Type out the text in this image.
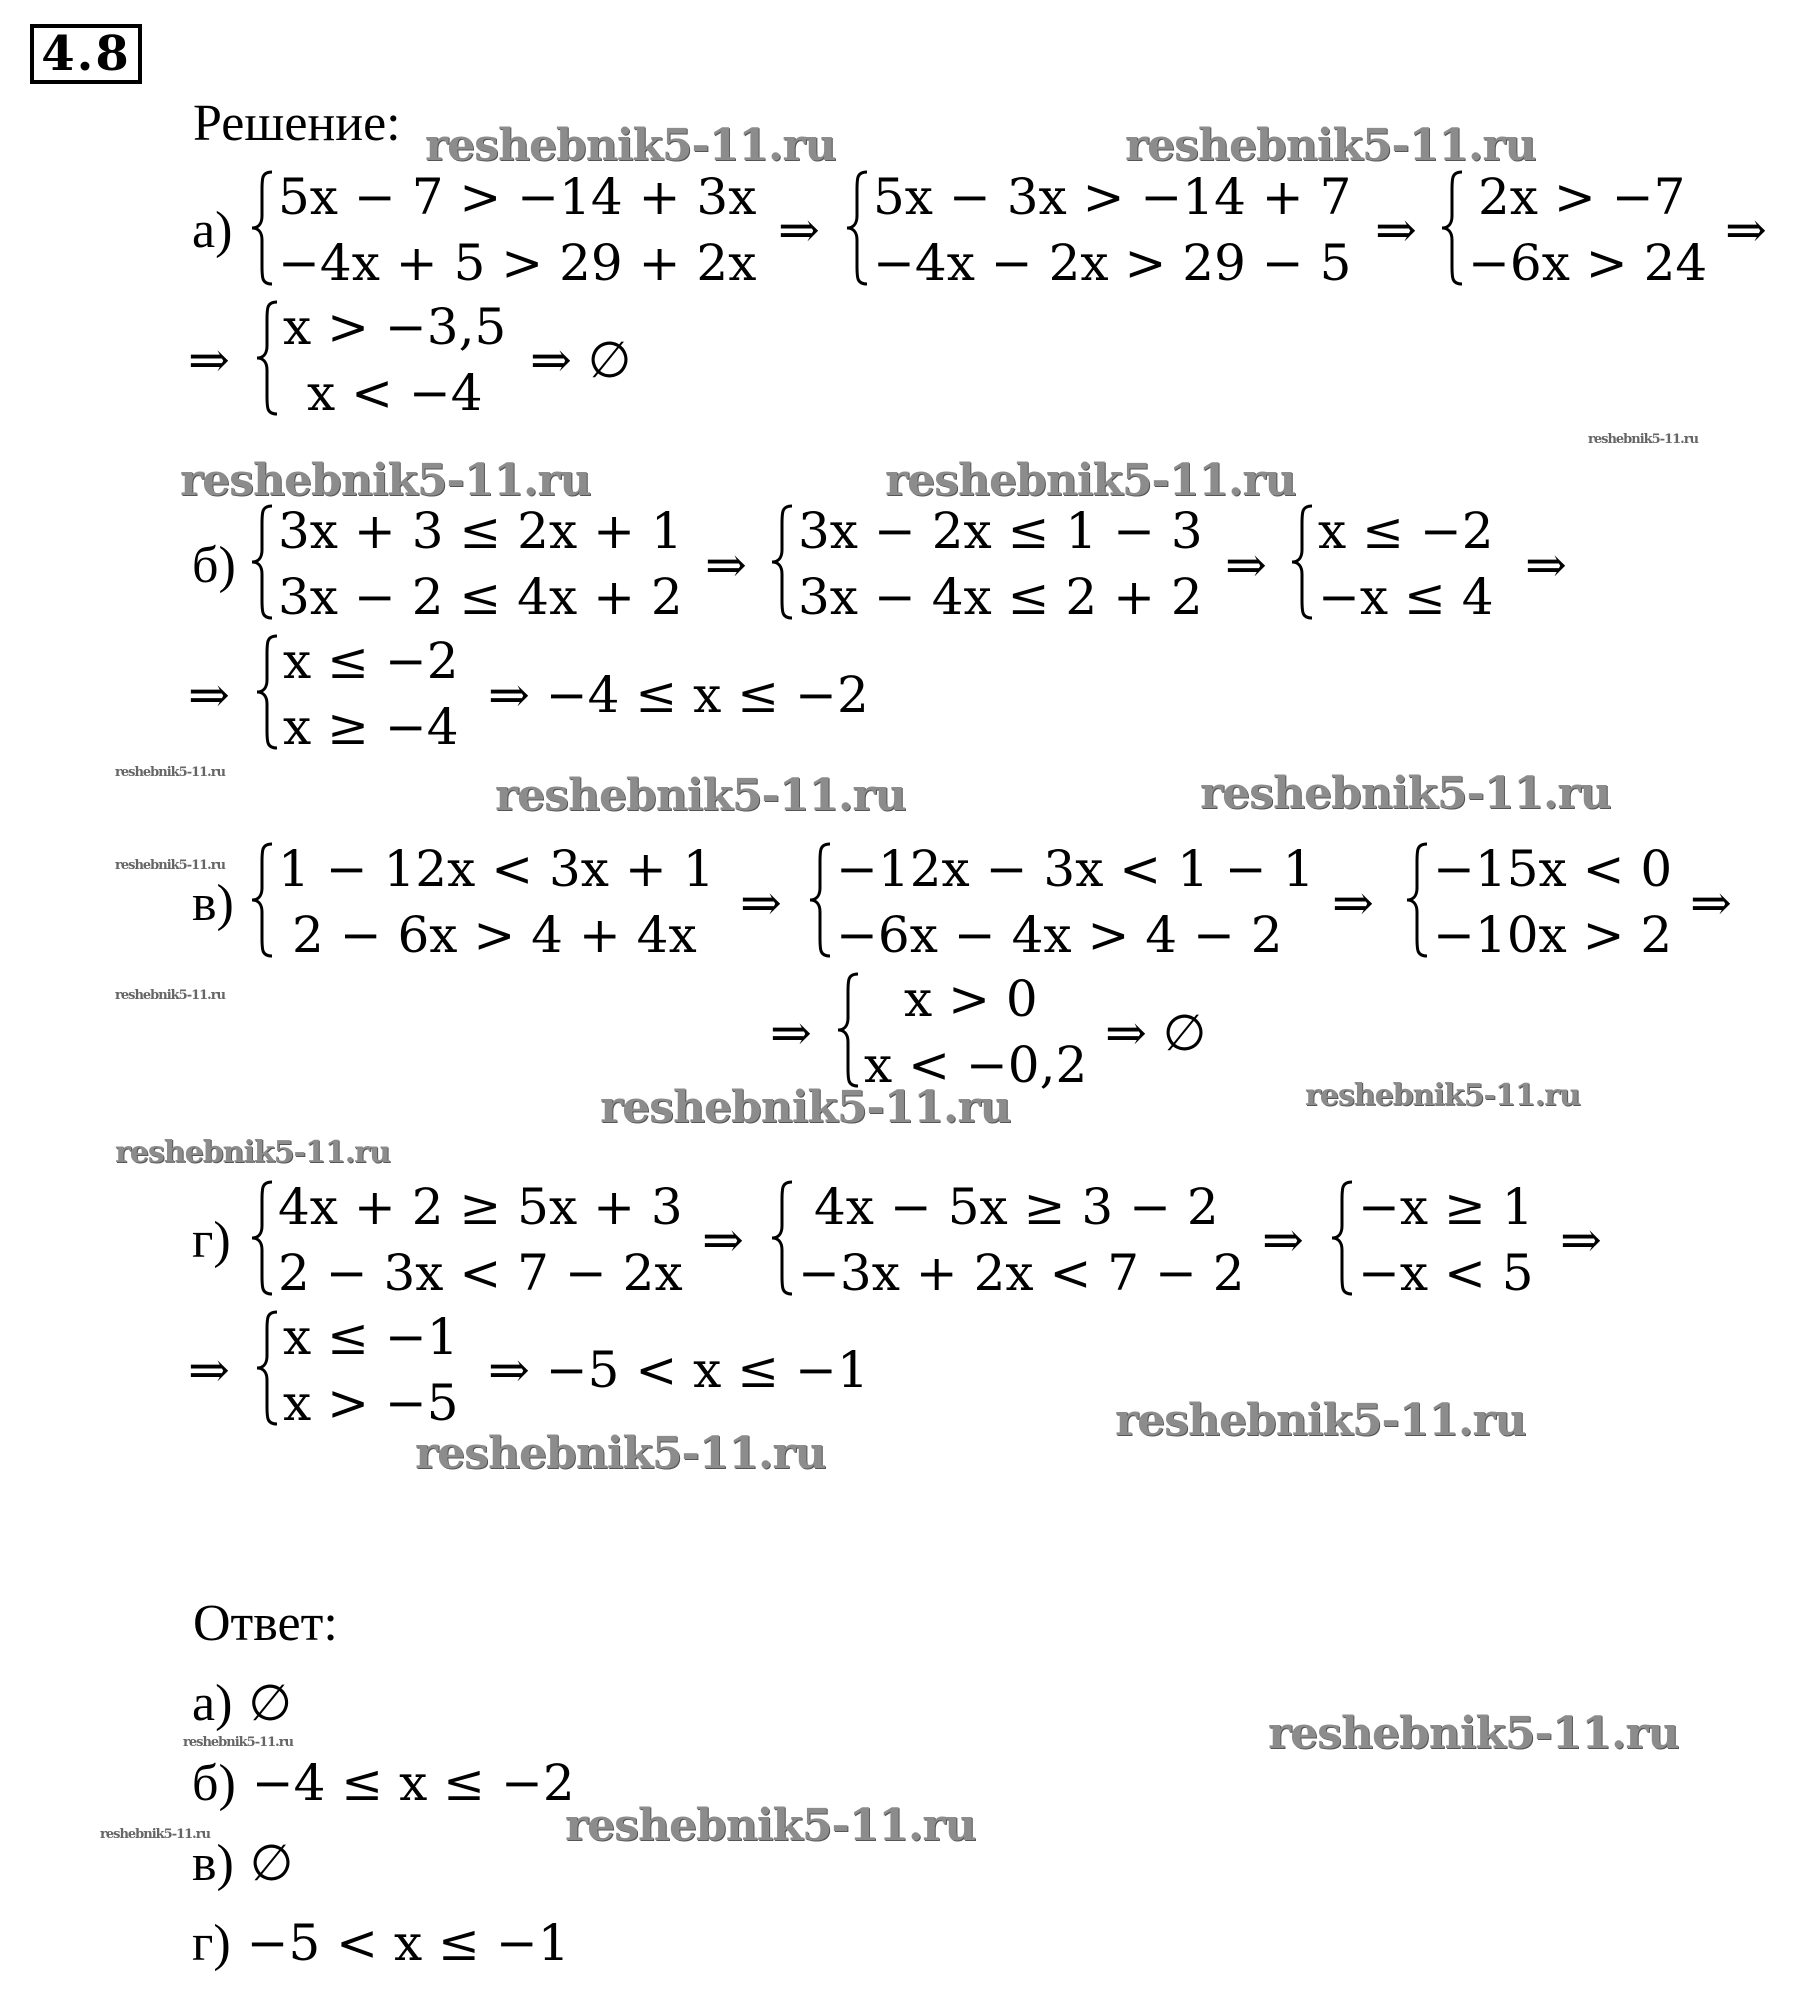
4.8
Решение:
а)
5x − 7 > −14 + 3x
−4x + 5 > 29 + 2x
⇒
5x − 3x > −14 + 7
−4x − 2x > 29 − 5
⇒
2x > −7
−6x > 24
⇒
⇒
x > −3,5
x < −4
⇒ ∅
б)
3x + 3 ≤ 2x + 1
3x − 2 ≤ 4x + 2
⇒
3x − 2x ≤ 1 − 3
3x − 4x ≤ 2 + 2
⇒
x ≤ −2
−x ≤ 4
⇒
⇒
x ≤ −2
x ≥ −4
⇒ −4 ≤ x ≤ −2
в)
1 − 12x < 3x + 1
2 − 6x > 4 + 4x
⇒
−12x − 3x < 1 − 1
−6x − 4x > 4 − 2
⇒
−15x < 0
−10x > 2
⇒
⇒
x > 0
x < −0,2
⇒ ∅
г)
4x + 2 ≥ 5x + 3
2 − 3x < 7 − 2x
⇒
4x − 5x ≥ 3 − 2
−3x + 2x < 7 − 2
⇒
−x ≥ 1
−x < 5
⇒
⇒
x ≤ −1
x > −5
⇒ −5 < x ≤ −1
Ответ:
а) ∅
б) −4 ≤ x ≤ −2
в) ∅
г) −5 < x ≤ −1
reshebnik5-11.ru	reshebnik5-11.ru
reshebnik5-11.ru
reshebnik5-11.ru	reshebnik5-11.ru
reshebnik5-11.ru	reshebnik5-11.ru	reshebnik5-11.ru
reshebnik5-11.ru
reshebnik5-11.ru
reshebnik5-11.ru	reshebnik5-11.ru
reshebnik5-11.ru
reshebnik5-11.ru
reshebnik5-11.ru
reshebnik5-11.ru
reshebnik5-11.ru
reshebnik5-11.ru
reshebnik5-11.ru
